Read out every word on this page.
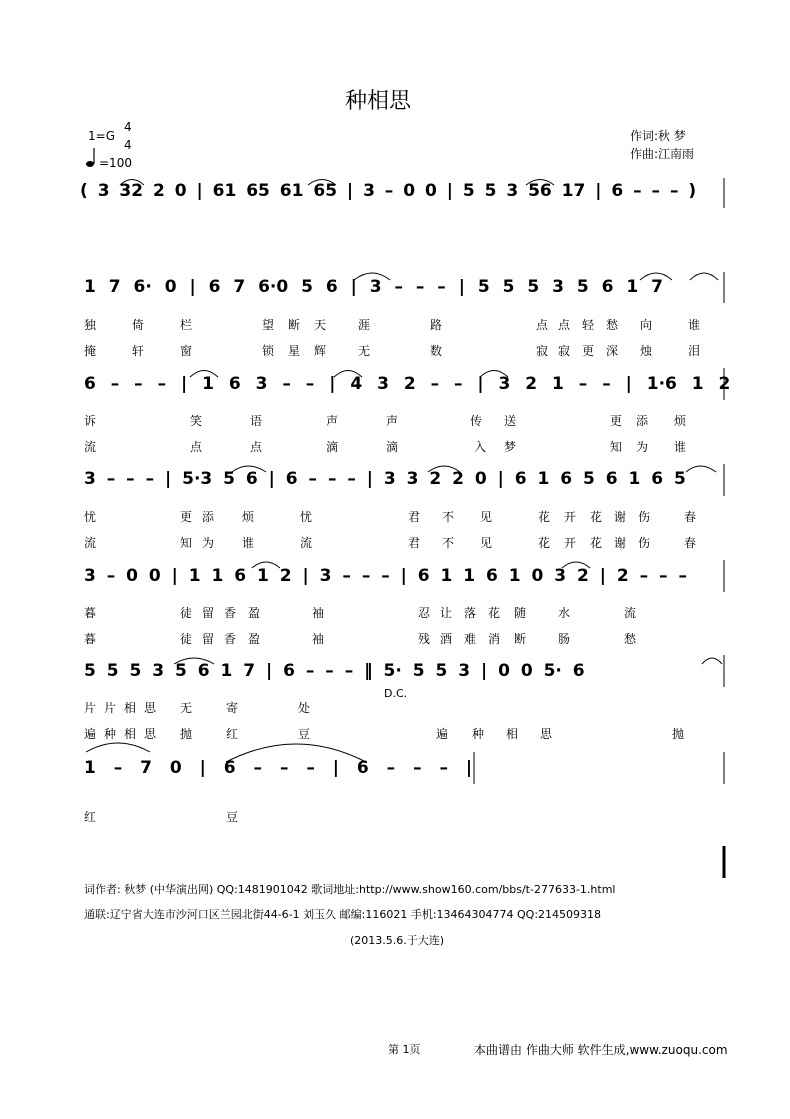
种相思
1=G
4
4
=100
作词:秋 梦
作曲:江南雨
( 3 32 2 0 | 61 65 61 65 | 3 – 0 0 | 5 5 3 56 17 | 6 – – – )
1 7 6· 0 | 6 7 6·0 5 6 | 3 – – – | 5 5 5 3 5 6 1 7
6 – – – | 1 6 3 – – | 4 3 2 – – | 3 2 1 – – | 1·6 1 2
3 – – – | 5·3 5 6 | 6 – – – | 3 3 2 2 0 | 6 1 6 5 6 1 6 5
3 – 0 0 | 1 1 6 1 2 | 3 – – – | 6 1 1 6 1 0 3 2 | 2 – – –
5 5 5 3 5 6 1 7 | 6 – – – ‖ 5· 5 5 3 | 0 0 5· 6
1 – 7 0 | 6 – – – | 6 – – – |
D.C.
独	倚	栏	望 断 天	涯	路	点 点 轻 愁 向	谁
掩	轩	窗	锁 星 辉	无	数	寂 寂 更 深 烛	泪
诉	笑	语	声	声	传 送	更 添 烦
流	点	点	滴	滴	入 梦	知 为 谁
忧	更 添 烦	忧	君 不 见	花 开 花 谢 伤	春
流	知 为 谁	流	君 不 见	花 开 花 谢 伤	春
暮	徒 留 香 盈	袖	忍 让 落 花 随	水	流
暮	徒 留 香 盈	袖	残 酒 难 消 断	肠	愁
片 片 相 思 无	寄	处
遍 种 相 思 抛	红	豆	遍 种 相 思	抛
红	豆
词作者: 秋梦 (中华演出网) QQ:1481901042 歌词地址:http://www.show160.com/bbs/t-277633-1.html
通联:辽宁省大连市沙河口区兰园北街44-6-1 刘玉久 邮编:116021 手机:13464304774 QQ:214509318
(2013.5.6.于大连)
第 1页	本曲谱由 作曲大师 软件生成,www.zuoqu.com
